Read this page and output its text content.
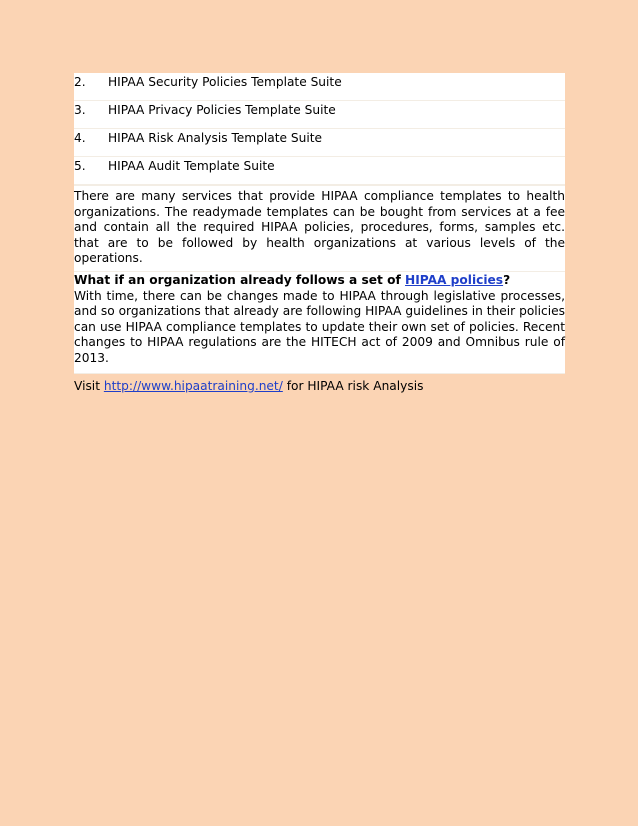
2.	HIPAA Security Policies Template Suite
3.	HIPAA Privacy Policies Template Suite
4.	HIPAA Risk Analysis Template Suite
5.	HIPAA Audit Template Suite
There are many services that provide HIPAA compliance templates to health organizations. The readymade templates can be bought from services at a fee and contain all the required HIPAA policies, procedures, forms, samples etc. that are to be followed by health organizations at various levels of the operations.
What if an organization already follows a set of HIPAA policies?
With time, there can be changes made to HIPAA through legislative processes, and so organizations that already are following HIPAA guidelines in their policies can use HIPAA compliance templates to update their own set of policies. Recent changes to HIPAA regulations are the HITECH act of 2009 and Omnibus rule of 2013.
Visit http://www.hipaatraining.net/ for HIPAA risk Analysis
